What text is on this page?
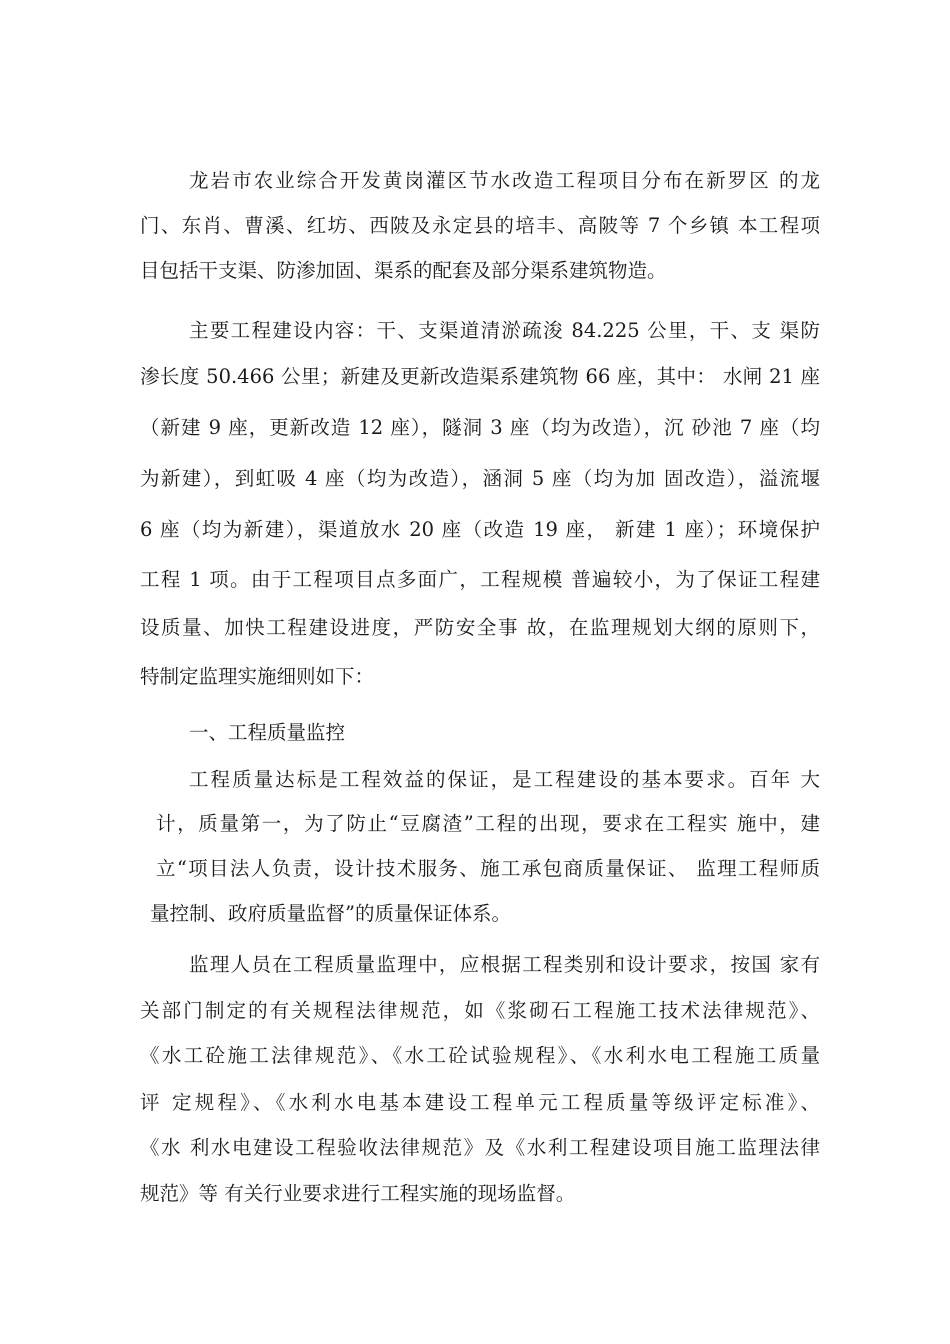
龙岩市农业综合开发黄岗灌区节水改造工程项目分布在新罗区 的龙
门、东肖、曹溪、红坊、西陂及永定县的培丰、高陂等 7 个乡镇 本工程项
目包括干支渠、防渗加固、渠系的配套及部分渠系建筑物造。
主要工程建设内容：干、支渠道清淤疏浚 84.225 公里，干、支 渠防
渗长度 50.466 公里；新建及更新改造渠系建筑物 66 座，其中： 水闸 21 座
（新建 9 座，更新改造 12 座），隧洞 3 座（均为改造），沉 砂池 7 座（均
为新建），到虹吸 4 座（均为改造），涵洞 5 座（均为加 固改造），溢流堰
6 座（均为新建），渠道放水 20 座（改造 19 座， 新建 1 座）；环境保护
工程 1 项。由于工程项目点多面广，工程规模 普遍较小，为了保证工程建
设质量、加快工程建设进度，严防安全事 故，在监理规划大纲的原则下，
特制定监理实施细则如下：
一、工程质量监控
工程质量达标是工程效益的保证，是工程建设的基本要求。百年 大
计，质量第一，为了防止“豆腐渣”工程的出现，要求在工程实 施中，建
立“项目法人负责，设计技术服务、施工承包商质量保证、 监理工程师质
量控制、政府质量监督”的质量保证体系。
监理人员在工程质量监理中，应根据工程类别和设计要求，按国 家有
关部门制定的有关规程法律规范，如《浆砌石工程施工技术法律规范》、
《水工砼施工法律规范》、《水工砼试验规程》、《水利水电工程施工质量
评 定规程》、《水利水电基本建设工程单元工程质量等级评定标准》、
《水 利水电建设工程验收法律规范》及《水利工程建设项目施工监理法律
规范》等 有关行业要求进行工程实施的现场监督。
